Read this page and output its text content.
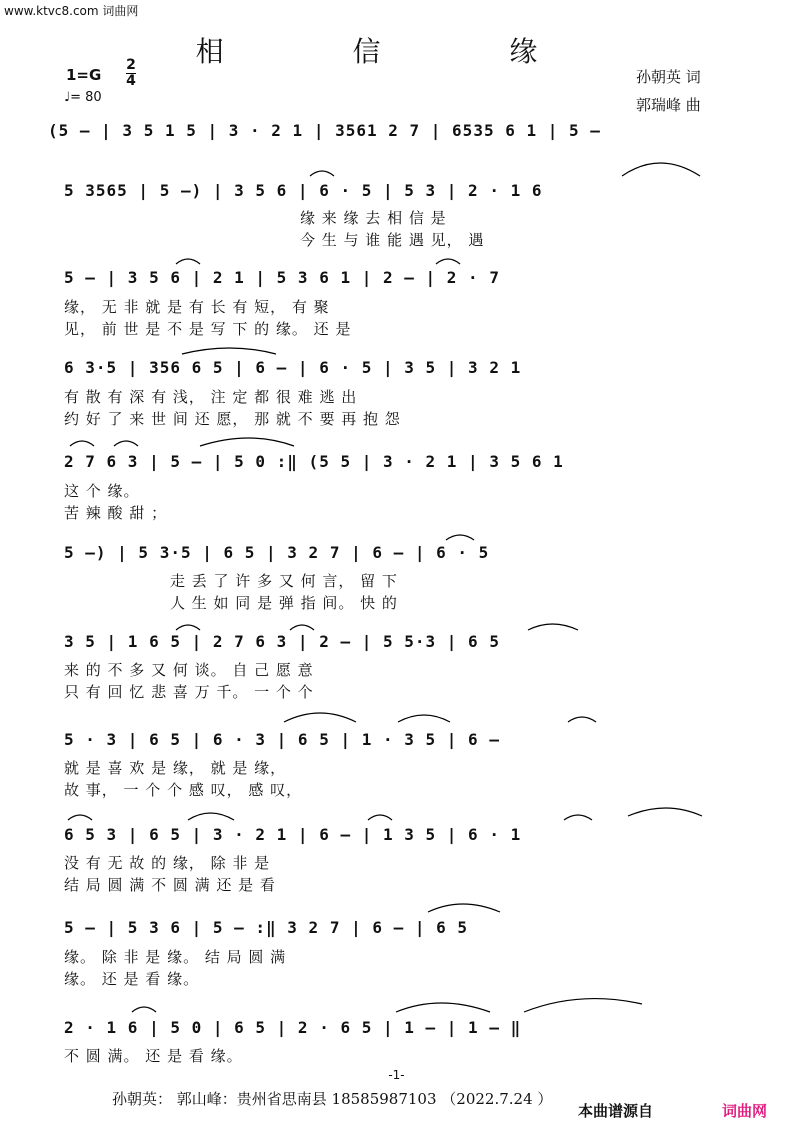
www.ktvc8.com 词曲网
相 信 缘
1=G
2
4
♩= 80
孙朝英 词
郭瑞峰 曲
(5 – | 3 5 1 5 | 3 · 2 1 | 3561 2 7 | 6535 6 1 | 5 –
5 3565 | 5 –) | 3 5 6 | 6 · 5 | 5 3 | 2 · 1 6
缘 来 缘 去 相 信 是
今 生 与 谁 能 遇 见， 遇
5 – | 3 5 6 | 2 1 | 5 3 6 1 | 2 – | 2 · 7
缘， 无 非 就 是 有 长 有 短， 有 聚
见， 前 世 是 不 是 写 下 的 缘。 还 是
6 3·5 | 356 6 5 | 6 – | 6 · 5 | 3 5 | 3 2 1
有 散 有 深 有 浅， 注 定 都 很 难 逃 出
约 好 了 来 世 间 还 愿， 那 就 不 要 再 抱 怨
2 7 6 3 | 5 – | 5 0 :‖ (5 5 | 3 · 2 1 | 3 5 6 1
这 个 缘。
苦 辣 酸 甜 ；
5 –) | 5 3·5 | 6 5 | 3 2 7 | 6 – | 6 · 5
走 丢 了 许 多 又 何 言， 留 下
人 生 如 同 是 弹 指 间。 快 的
3 5 | 1 6 5 | 2 7 6 3 | 2 – | 5 5·3 | 6 5
来 的 不 多 又 何 谈。 自 己 愿 意
只 有 回 忆 悲 喜 万 千。 一 个 个
5 · 3 | 6 5 | 6 · 3 | 6 5 | 1 · 3 5 | 6 –
就 是 喜 欢 是 缘， 就 是 缘，
故 事， 一 个 个 感 叹， 感 叹，
6 5 3 | 6 5 | 3 · 2 1 | 6 – | 1 3 5 | 6 · 1
没 有 无 故 的 缘， 除 非 是
结 局 圆 满 不 圆 满 还 是 看
5 – | 5 3 6 | 5 – :‖ 3 2 7 | 6 – | 6 5
缘。 除 非 是 缘。 结 局 圆 满
缘。 还 是 看 缘。
2 · 1 6 | 5 0 | 6 5 | 2 · 6 5 | 1 – | 1 – ‖
不 圆 满。 还 是 看 缘。
-1-
孙朝英： 郭山峰：贵州省思南县 18585987103 （2022.7.24 ）
本曲谱源自	词曲网
